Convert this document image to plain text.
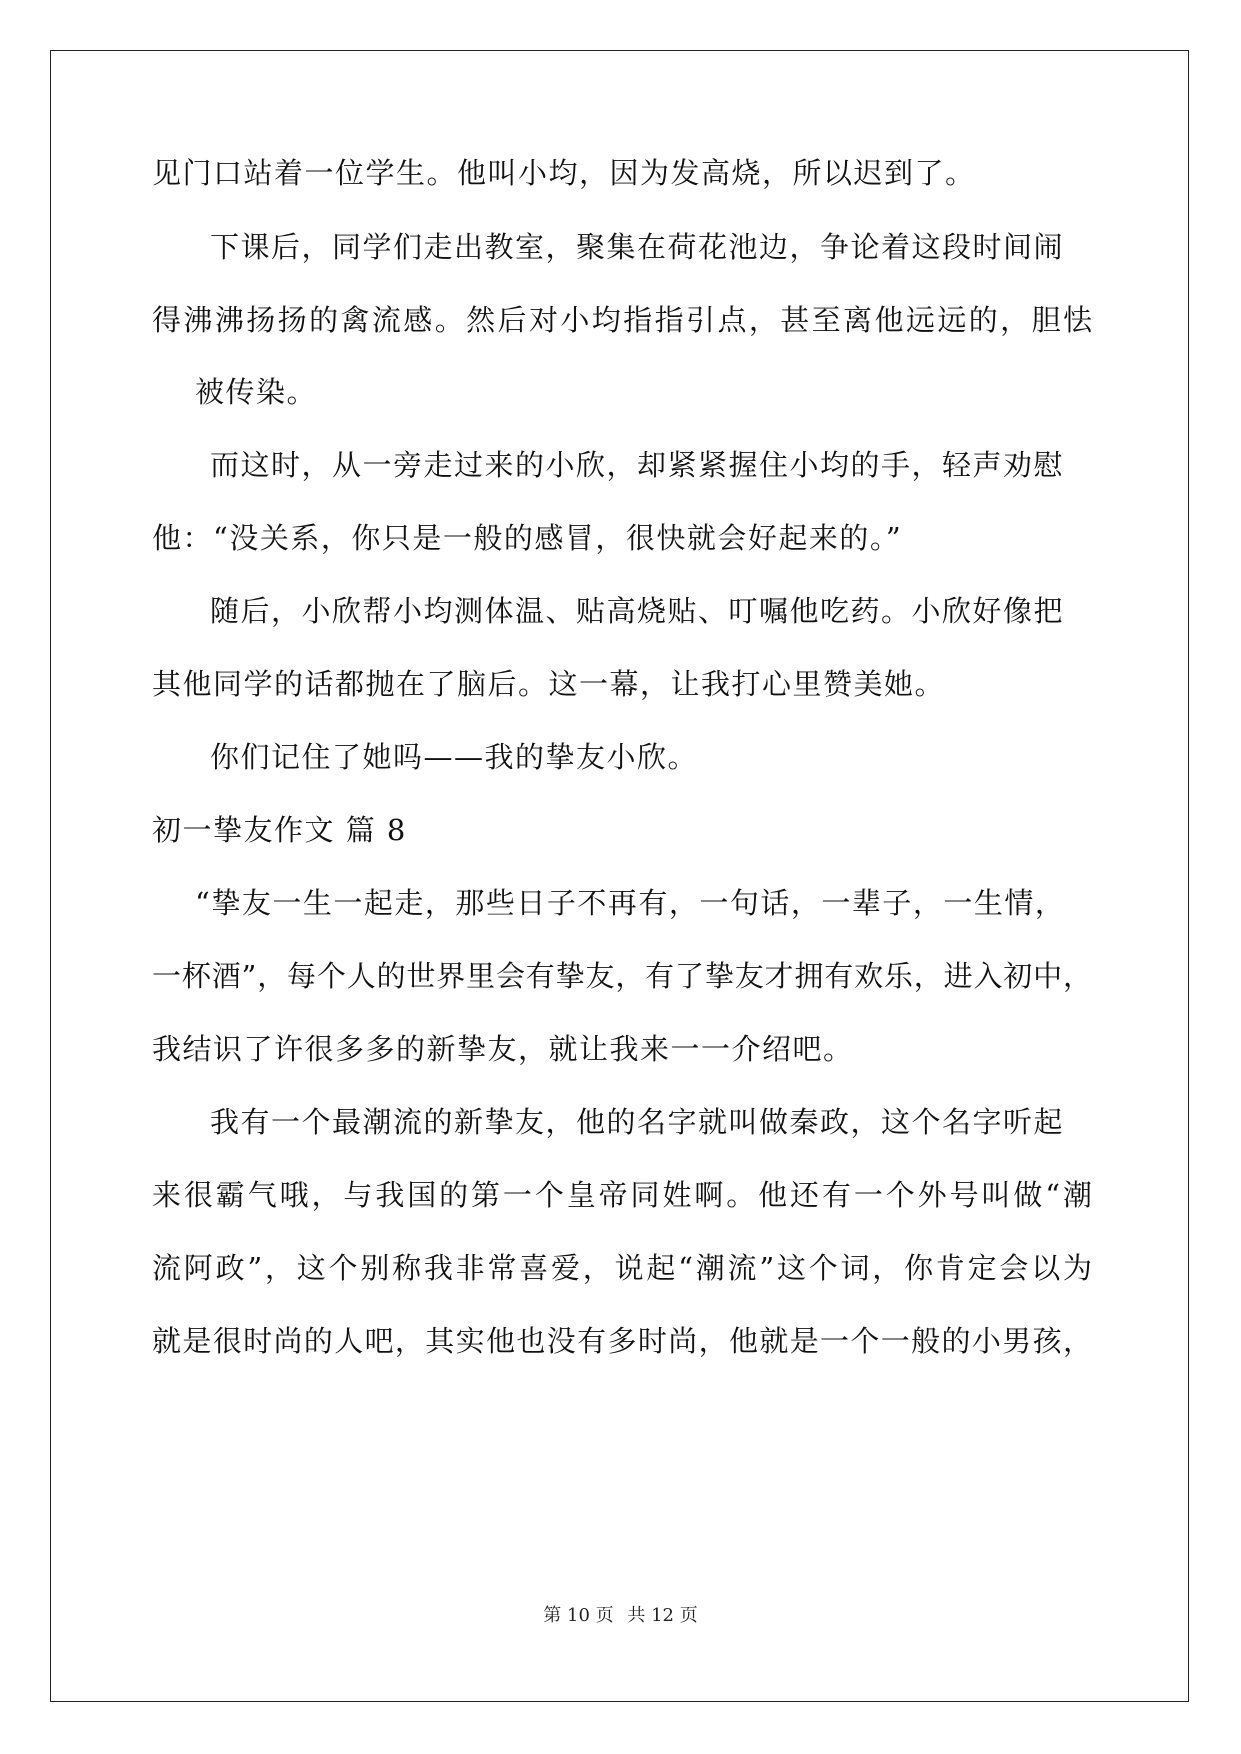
见门口站着一位学生。他叫小均，因为发高烧，所以迟到了。
下课后，同学们走出教室，聚集在荷花池边，争论着这段时间闹
得沸沸扬扬的禽流感。然后对小均指指引点，甚至离他远远的，胆怯
被传染。
而这时，从一旁走过来的小欣，却紧紧握住小均的手，轻声劝慰
他：“没关系，你只是一般的感冒，很快就会好起来的。”
随后，小欣帮小均测体温、贴高烧贴、叮嘱他吃药。小欣好像把
其他同学的话都抛在了脑后。这一幕，让我打心里赞美她。
你们记住了她吗——我的挚友小欣。
初一挚友作文 篇 8
“挚友一生一起走，那些日子不再有，一句话，一辈子，一生情，
一杯酒”，每个人的世界里会有挚友，有了挚友才拥有欢乐，进入初中，
我结识了许很多多的新挚友，就让我来一一介绍吧。
我有一个最潮流的新挚友，他的名字就叫做秦政，这个名字听起
来很霸气哦，与我国的第一个皇帝同姓啊。他还有一个外号叫做“潮
流阿政”，这个别称我非常喜爱，说起“潮流”这个词，你肯定会以为
就是很时尚的人吧，其实他也没有多时尚，他就是一个一般的小男孩，
第 10 页 共 12 页
